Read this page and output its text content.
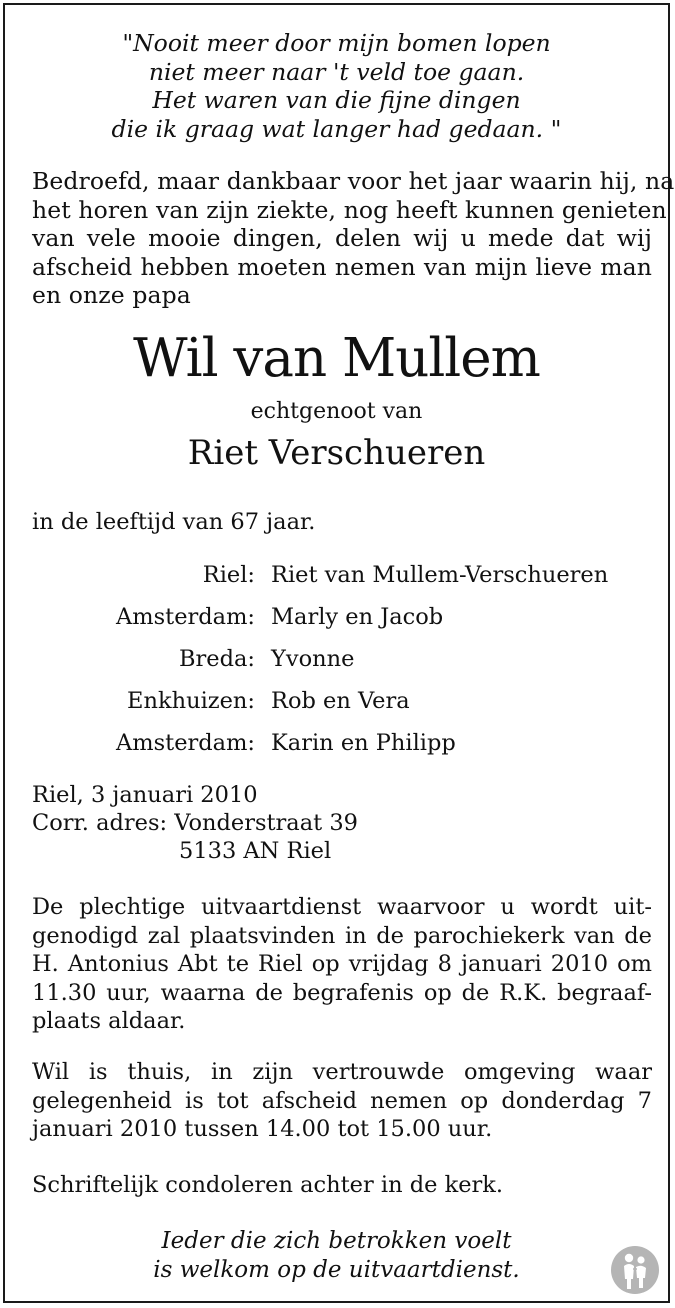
"Nooit meer door mijn bomen lopen
niet meer naar 't veld toe gaan.
Het waren van die fijne dingen
die ik graag wat langer had gedaan. "
Bedroefd, maar dankbaar voor het jaar waarin hij, na
het horen van zijn ziekte, nog heeft kunnen genieten
van vele mooie dingen, delen wij u mede dat wij
afscheid hebben moeten nemen van mijn lieve man
en onze papa
Wil van Mullem
echtgenoot van
Riet Verschueren
in de leeftijd van 67 jaar.
Riel: Riet van Mullem-Verschueren
Amsterdam: Marly en Jacob
Breda: Yvonne
Enkhuizen: Rob en Vera
Amsterdam: Karin en Philipp
Riel, 3 januari 2010
Corr. adres: Vonderstraat 39
5133 AN Riel
De plechtige uitvaartdienst waarvoor u wordt uit-
genodigd zal plaatsvinden in de parochiekerk van de
H. Antonius Abt te Riel op vrijdag 8 januari 2010 om
11.30 uur, waarna de begrafenis op de R.K. begraaf-
plaats aldaar.
Wil is thuis, in zijn vertrouwde omgeving waar
gelegenheid is tot afscheid nemen op donderdag 7
januari 2010 tussen 14.00 tot 15.00 uur.
Schriftelijk condoleren achter in de kerk.
Ieder die zich betrokken voelt
is welkom op de uitvaartdienst.
